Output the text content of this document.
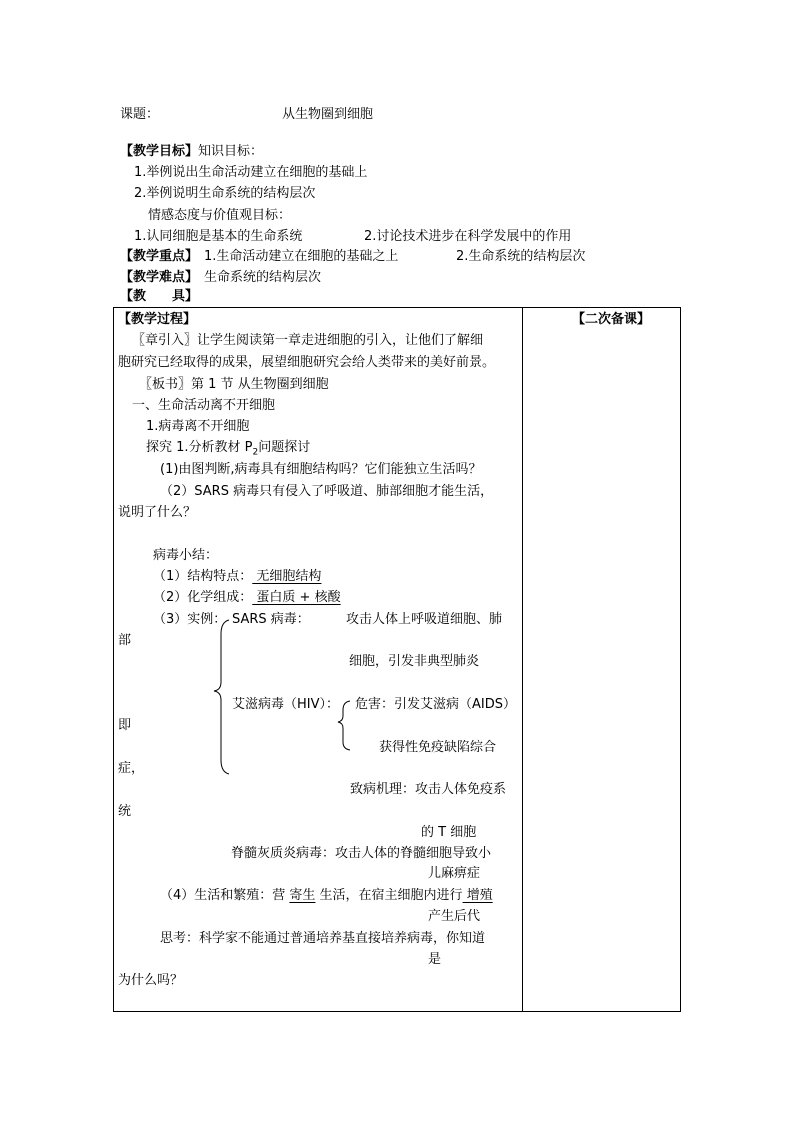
课题：	从生物圈到细胞
【教学目标】知识目标：
1.举例说出生命活动建立在细胞的基础上
2.举例说明生命系统的结构层次
情感态度与价值观目标：
1.认同细胞是基本的生命系统	2.讨论技术进步在科学发展中的作用
【教学重点】 1.生命活动建立在细胞的基础之上	2.生命系统的结构层次
【教学难点】 生命系统的结构层次
【教　　具】
【教学过程】	【二次备课】
〖章引入〗让学生阅读第一章走进细胞的引入，让他们了解细
胞研究已经取得的成果，展望细胞研究会给人类带来的美好前景。
〖板书〗第 1 节 从生物圈到细胞
一、生命活动离不开细胞
1.病毒离不开细胞
探究 1.分析教材 $P_2$问题探讨
(1)由图判断,病毒具有细胞结构吗？它们能独立生活吗？
（2）SARS 病毒只有侵入了呼吸道、肺部细胞才能生活，
说明了什么？
病毒小结：
（1）结构特点： 无细胞结构
（2）化学组成： 蛋白质 + 核酸
（3）实例： SARS 病毒：	攻击人体上呼吸道细胞、肺
部
细胞，引发非典型肺炎
艾滋病毒（HIV）： 危害：引发艾滋病（AIDS）
即
获得性免疫缺陷综合
症，
致病机理：攻击人体免疫系
统
的 T 细胞
脊髓灰质炎病毒：攻击人体的脊髓细胞导致小
儿麻痹症
（4）生活和繁殖：营 寄生 生活，在宿主细胞内进行 增殖
产生后代
思考：科学家不能通过普通培养基直接培养病毒，你知道
是
为什么吗？
